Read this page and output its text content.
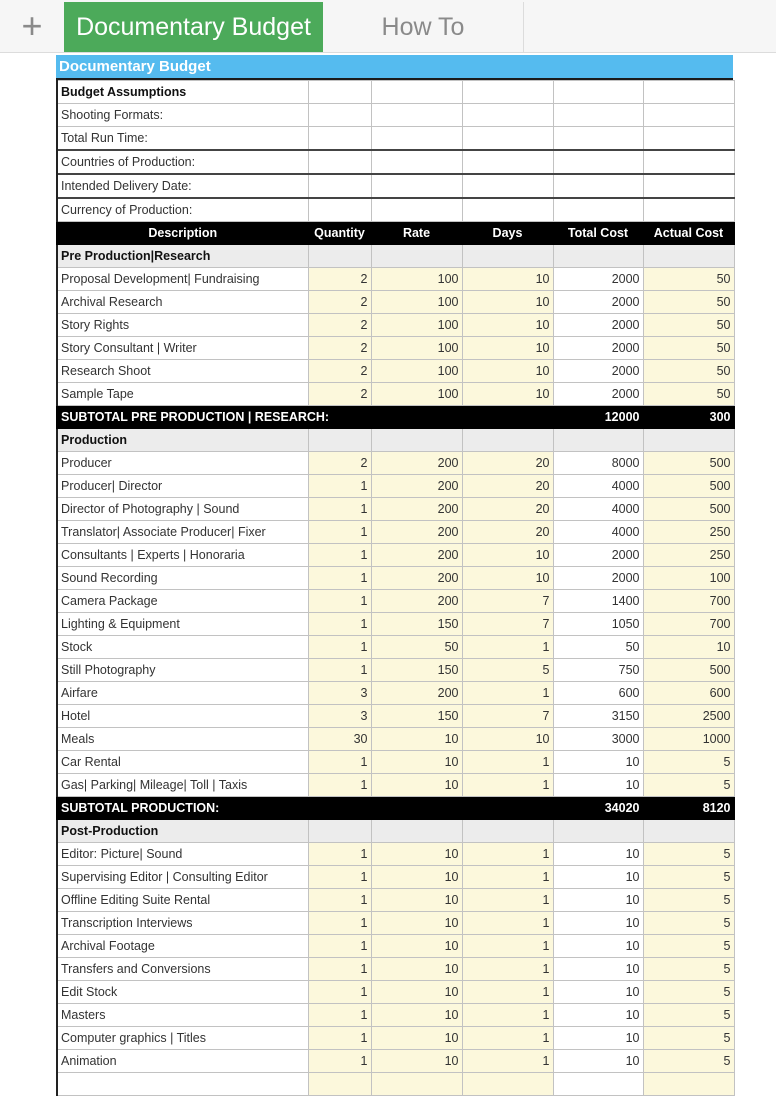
+ Documentary Budget	How To
Documentary Budget
Budget Assumptions					
Shooting Formats:					
Total Run Time:					
Countries of Production:					
Intended Delivery Date:					
Currency of Production:					
Description	Quantity	Rate	Days	Total Cost	Actual Cost
Pre Production|Research					
Proposal Development| Fundraising	2	100	10	2000	50
Archival Research	2	100	10	2000	50
Story Rights	2	100	10	2000	50
Story Consultant | Writer	2	100	10	2000	50
Research Shoot	2	100	10	2000	50
Sample Tape	2	100	10	2000	50
SUBTOTAL PRE PRODUCTION | RESEARCH:				12000	300
Production					
Producer	2	200	20	8000	500
Producer| Director	1	200	20	4000	500
Director of Photography | Sound	1	200	20	4000	500
Translator| Associate Producer| Fixer	1	200	20	4000	250
Consultants | Experts | Honoraria	1	200	10	2000	250
Sound Recording	1	200	10	2000	100
Camera Package	1	200	7	1400	700
Lighting & Equipment	1	150	7	1050	700
Stock	1	50	1	50	10
Still Photography	1	150	5	750	500
Airfare	3	200	1	600	600
Hotel	3	150	7	3150	2500
Meals	30	10	10	3000	1000
Car Rental	1	10	1	10	5
Gas| Parking| Mileage| Toll | Taxis	1	10	1	10	5
SUBTOTAL PRODUCTION:				34020	8120
Post-Production					
Editor: Picture| Sound	1	10	1	10	5
Supervising Editor | Consulting Editor	1	10	1	10	5
Offline Editing Suite Rental	1	10	1	10	5
Transcription Interviews	1	10	1	10	5
Archival Footage	1	10	1	10	5
Transfers and Conversions	1	10	1	10	5
Edit Stock	1	10	1	10	5
Masters	1	10	1	10	5
Computer graphics | Titles	1	10	1	10	5
Animation	1	10	1	10	5
